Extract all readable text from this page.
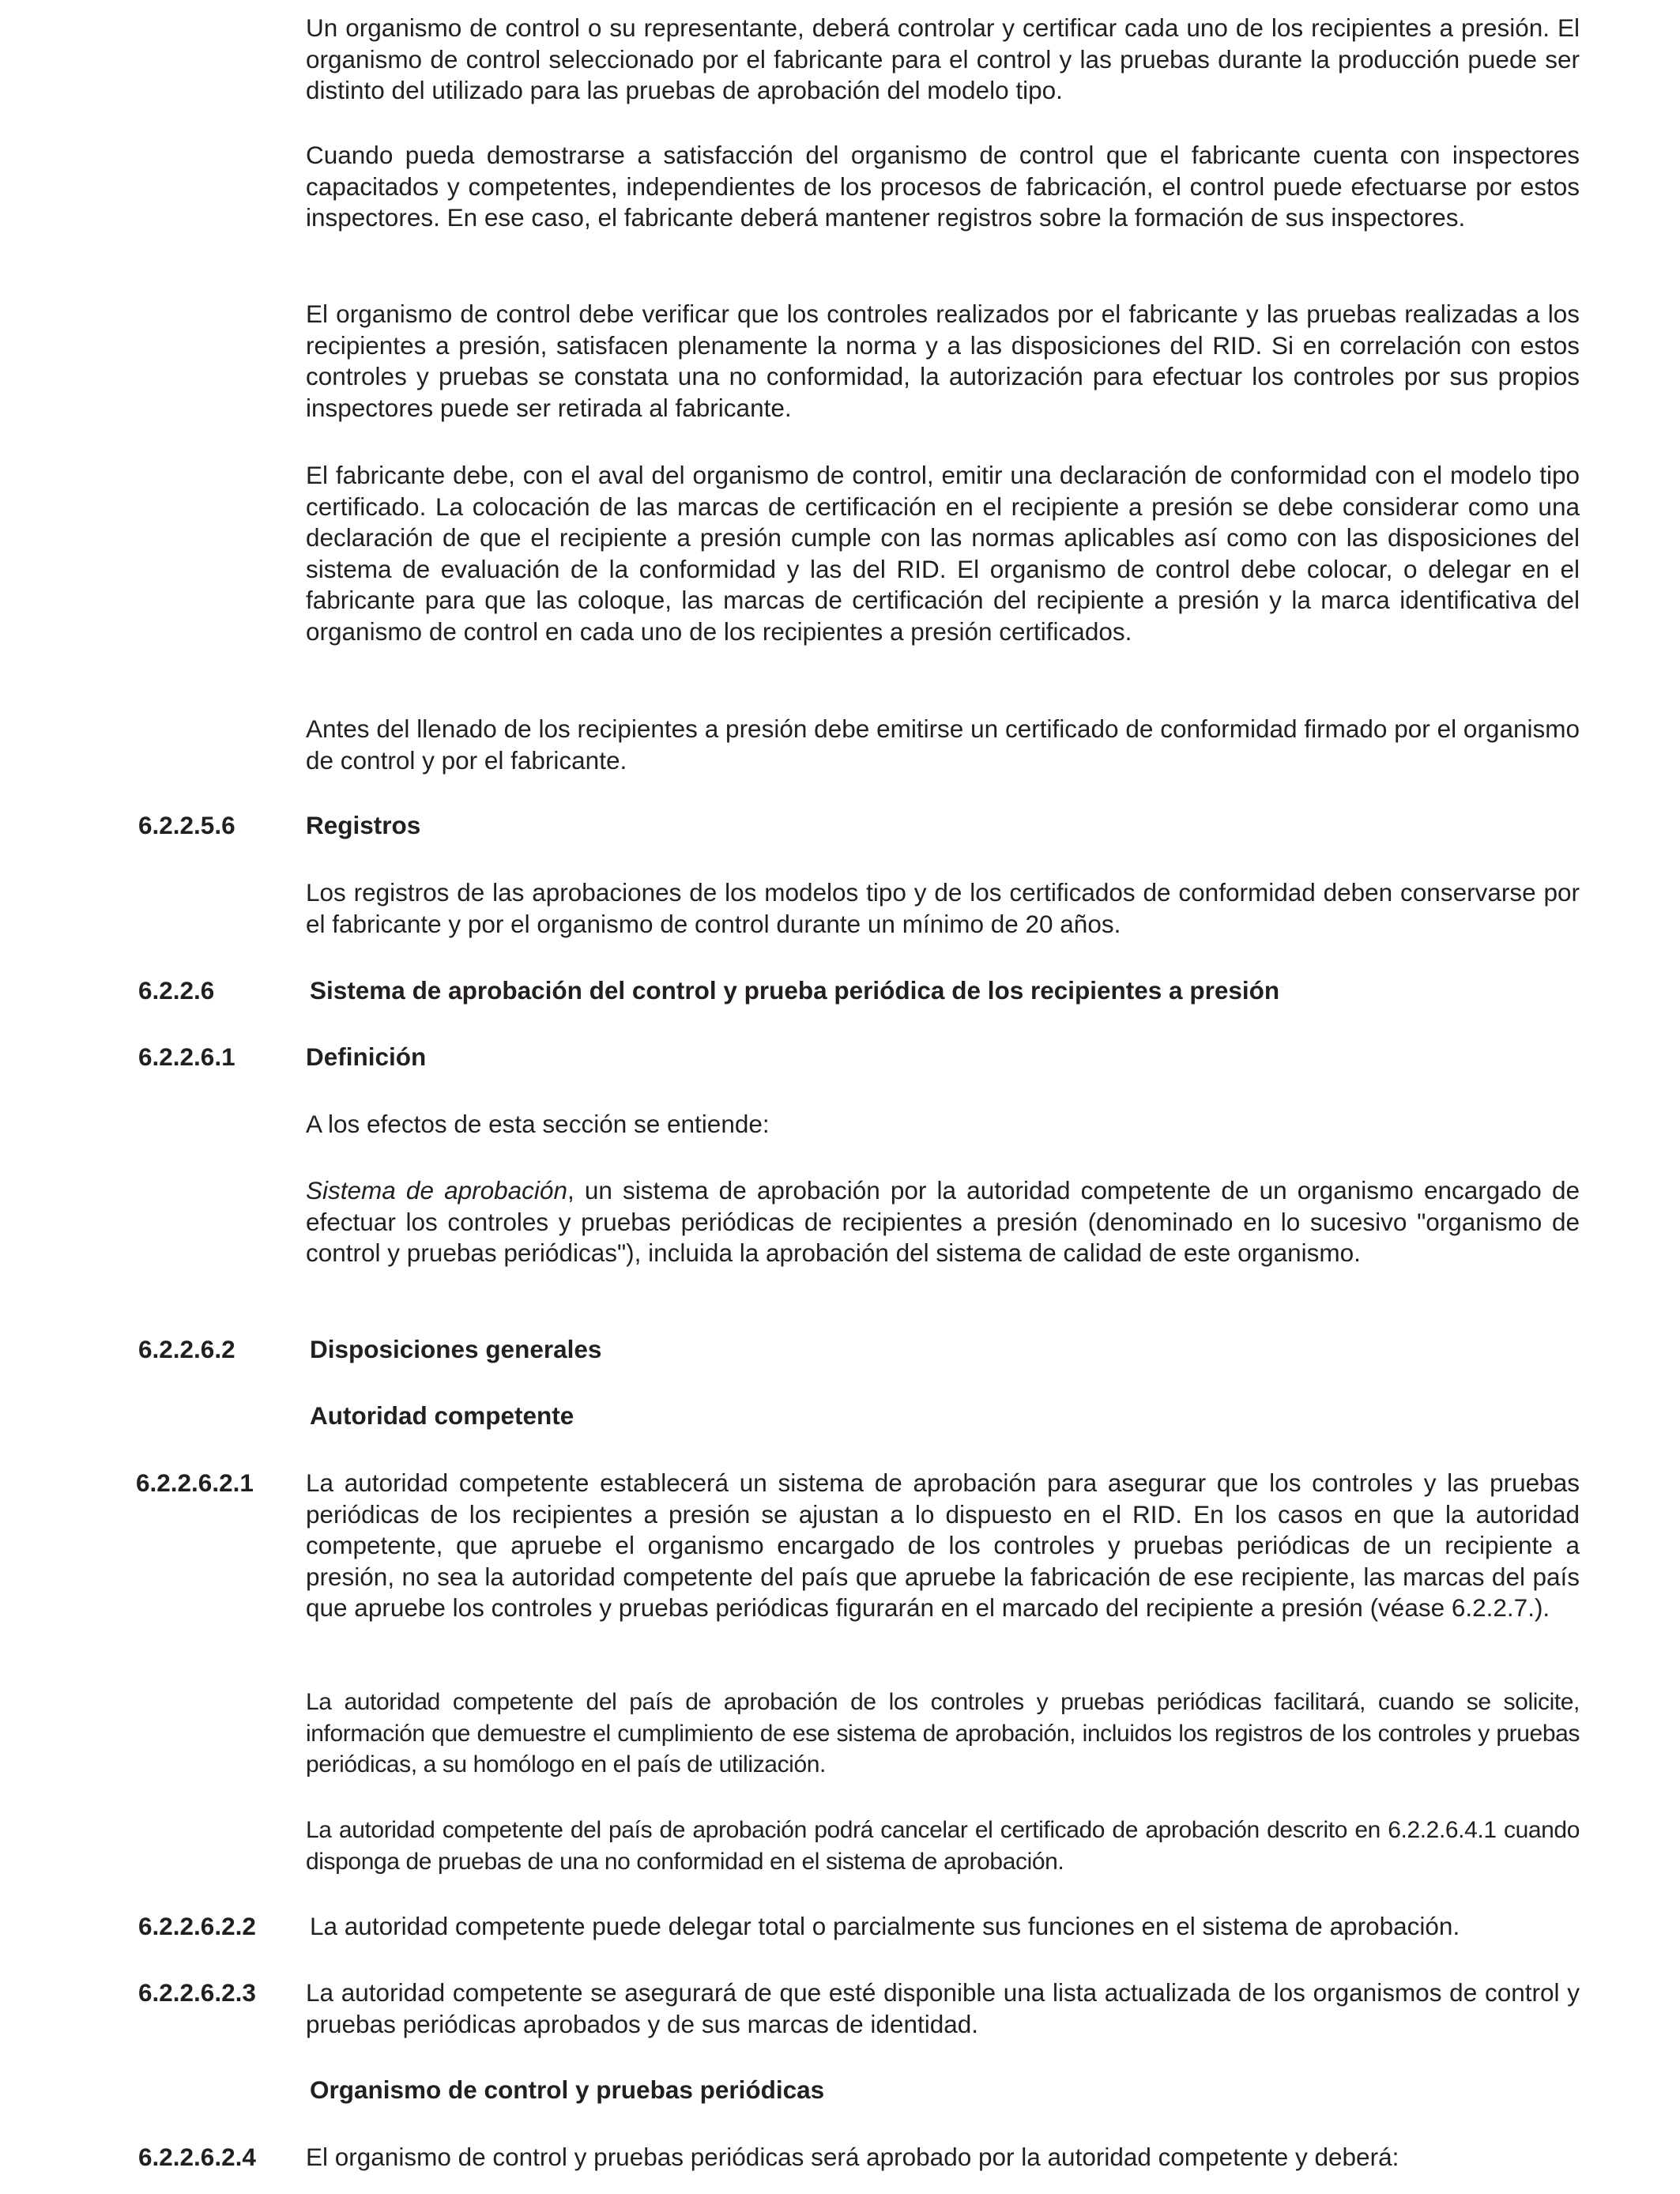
Un organismo de control o su representante, deberá controlar y certificar cada uno de los recipientes a presión. El organismo de control seleccionado por el fabricante para el control y las pruebas durante la producción puede ser distinto del utilizado para las pruebas de aprobación del modelo tipo.

Cuando pueda demostrarse a satisfacción del organismo de control que el fabricante cuenta con inspectores capacitados y competentes, independientes de los procesos de fabricación, el control puede efectuarse por estos inspectores. En ese caso, el fabricante deberá mantener registros sobre la formación de sus inspectores.

El organismo de control debe verificar que los controles realizados por el fabricante y las pruebas realizadas a los recipientes a presión, satisfacen plenamente la norma y a las disposiciones del RID. Si en correlación con estos controles y pruebas se constata una no conformidad, la autorización para efectuar los controles por sus propios inspectores puede ser retirada al fabricante.

El fabricante debe, con el aval del organismo de control, emitir una declaración de conformidad con el modelo tipo certificado. La colocación de las marcas de certificación en el recipiente a presión se debe considerar como una declaración de que el recipiente a presión cumple con las normas aplicables así como con las disposiciones del sistema de evaluación de la conformidad y las del RID. El organismo de control debe colocar, o delegar en el fabricante para que las coloque, las marcas de certificación del recipiente a presión y la marca identificativa del organismo de control en cada uno de los recipientes a presión certificados.

Antes del llenado de los recipientes a presión debe emitirse un certificado de conformidad firmado por el organismo de control y por el fabricante.

6.2.2.5.6	Registros

Los registros de las aprobaciones de los modelos tipo y de los certificados de conformidad deben conservarse por el fabricante y por el organismo de control durante un mínimo de 20 años.

6.2.2.6	Sistema de aprobación del control y prueba periódica de los recipientes a presión

6.2.2.6.1	Definición

A los efectos de esta sección se entiende:

Sistema de aprobación, un sistema de aprobación por la autoridad competente de un organismo encargado de efectuar los controles y pruebas periódicas de recipientes a presión (denominado en lo sucesivo "organismo de control y pruebas periódicas"), incluida la aprobación del sistema de calidad de este organismo.

6.2.2.6.2	Disposiciones generales

Autoridad competente

6.2.2.6.2.1 La autoridad competente establecerá un sistema de aprobación para asegurar que los controles y las pruebas periódicas de los recipientes a presión se ajustan a lo dispuesto en el RID. En los casos en que la autoridad competente, que apruebe el organismo encargado de los controles y pruebas periódicas de un recipiente a presión, no sea la autoridad competente del país que apruebe la fabricación de ese recipiente, las marcas del país que apruebe los controles y pruebas periódicas figurarán en el marcado del recipiente a presión (véase 6.2.2.7.).

La autoridad competente del país de aprobación de los controles y pruebas periódicas facilitará, cuando se solicite, información que demuestre el cumplimiento de ese sistema de aprobación, incluidos los registros de los controles y pruebas periódicas, a su homólogo en el país de utilización.

La autoridad competente del país de aprobación podrá cancelar el certificado de aprobación descrito en 6.2.2.6.4.1 cuando disponga de pruebas de una no conformidad en el sistema de aprobación.

6.2.2.6.2.2 La autoridad competente puede delegar total o parcialmente sus funciones en el sistema de aprobación.

6.2.2.6.2.3 La autoridad competente se asegurará de que esté disponible una lista actualizada de los organismos de control y pruebas periódicas aprobados y de sus marcas de identidad.

Organismo de control y pruebas periódicas

6.2.2.6.2.4 El organismo de control y pruebas periódicas será aprobado por la autoridad competente y deberá:
